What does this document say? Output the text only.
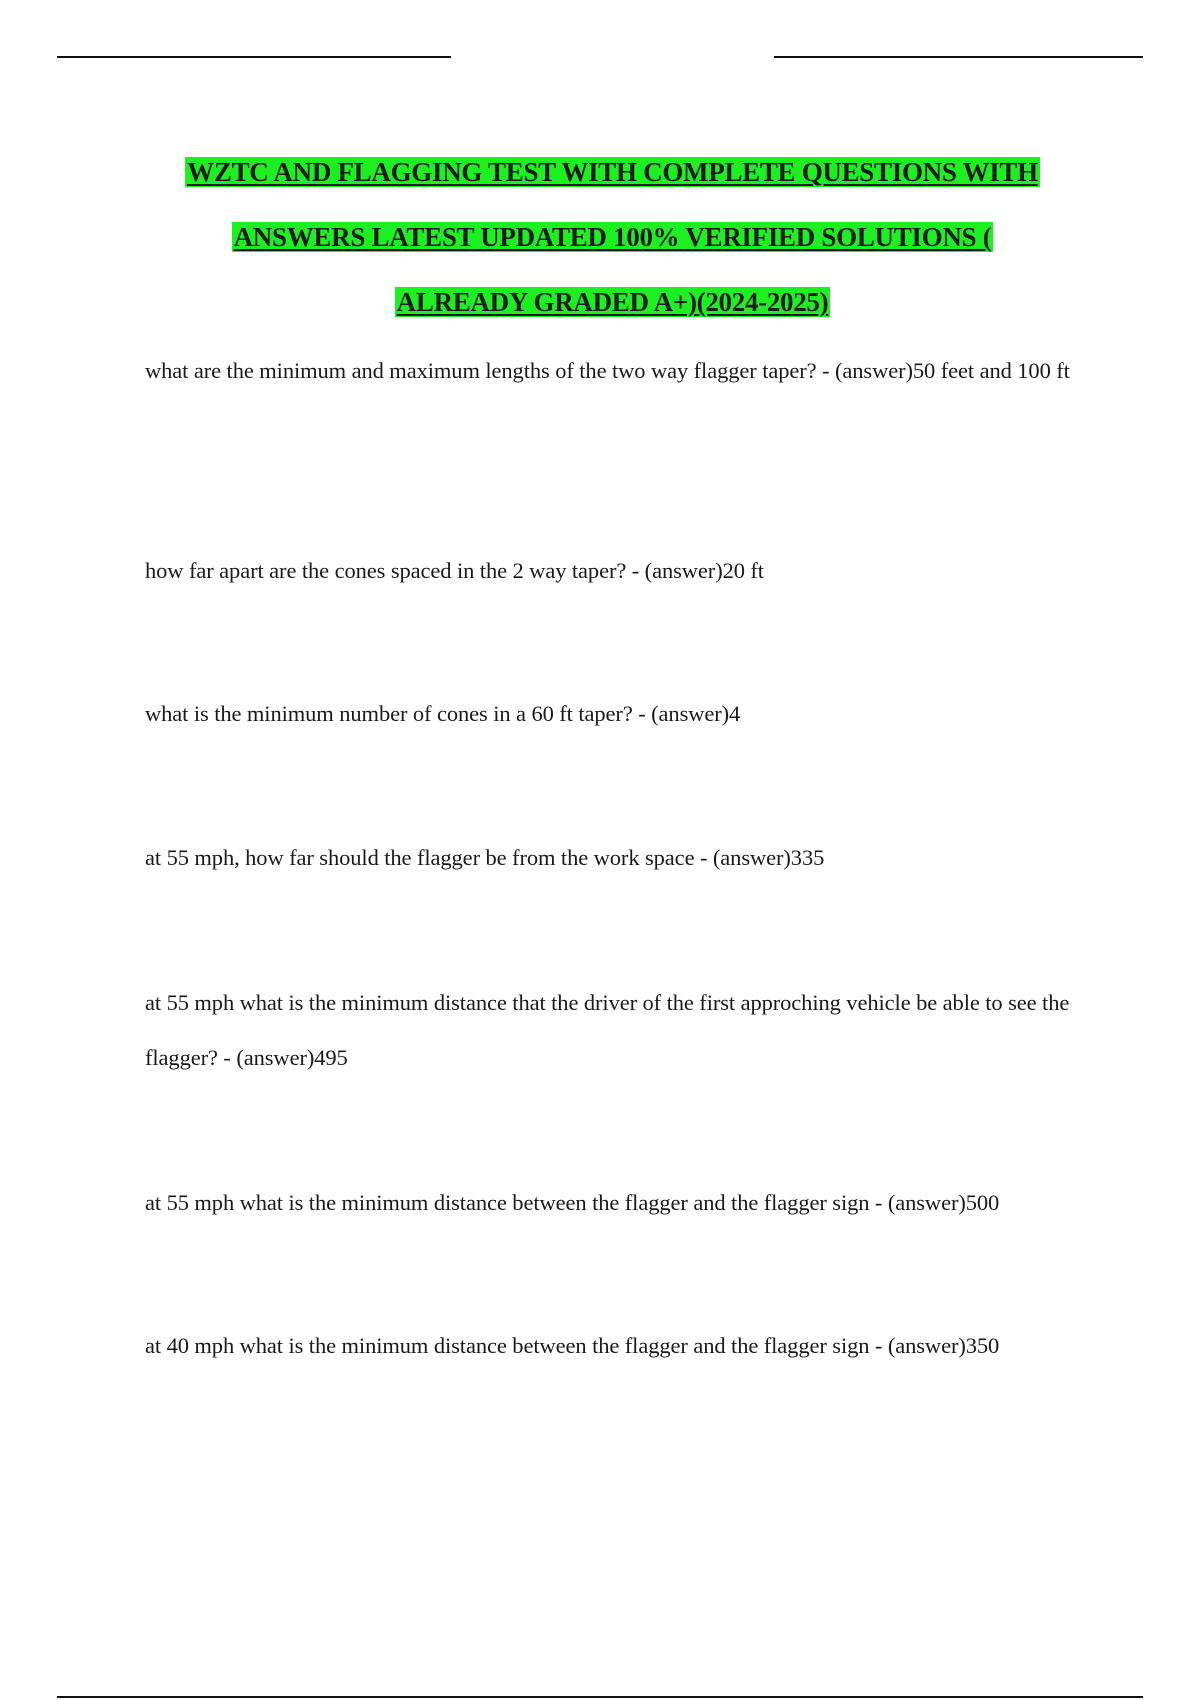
WZTC AND FLAGGING TEST WITH COMPLETE QUESTIONS WITH
ANSWERS LATEST UPDATED 100% VERIFIED SOLUTIONS (
ALREADY GRADED A+)(2024-2025)

what are the minimum and maximum lengths of the two way flagger taper? - (answer)50 feet and 100 ft

how far apart are the cones spaced in the 2 way taper? - (answer)20 ft

what is the minimum number of cones in a 60 ft taper? - (answer)4

at 55 mph, how far should the flagger be from the work space - (answer)335

at 55 mph what is the minimum distance that the driver of the first approching vehicle be able to see the flagger? - (answer)495

at 55 mph what is the minimum distance between the flagger and the flagger sign - (answer)500

at 40 mph what is the minimum distance between the flagger and the flagger sign - (answer)350
